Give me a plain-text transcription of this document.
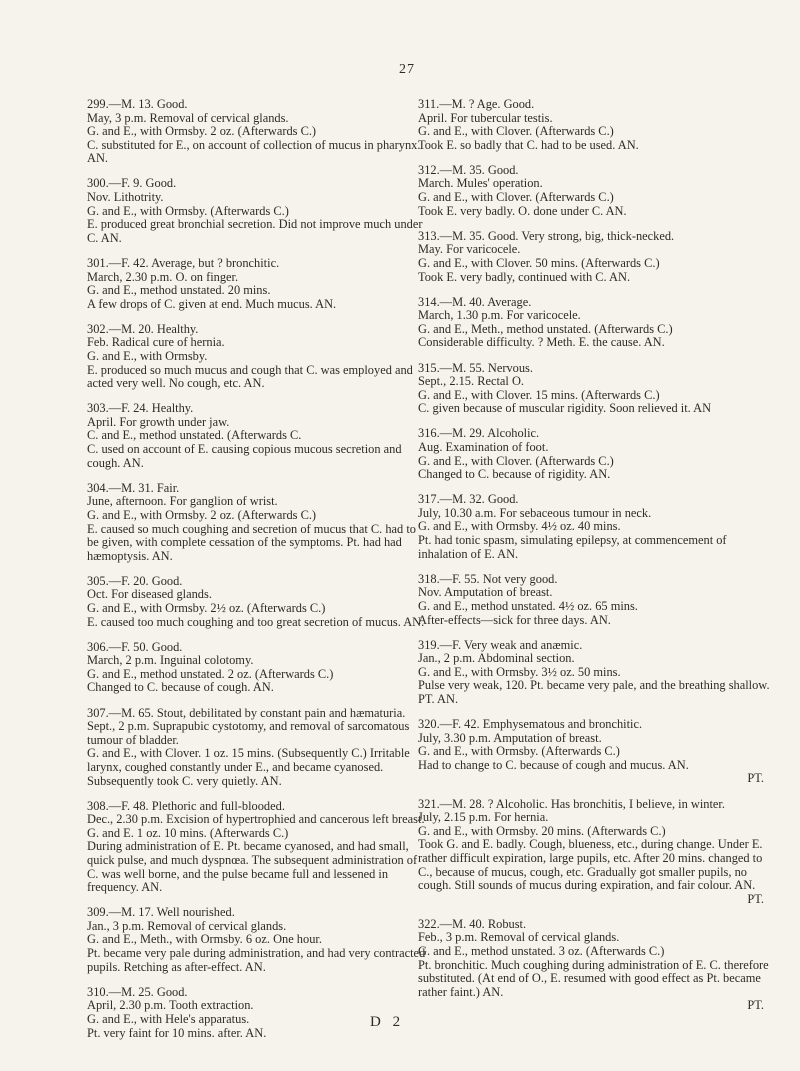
27
299.—M. 13. Good.
May, 3 p.m. Removal of cervical glands.
G. and E., with Ormsby. 2 oz. (Afterwards C.)
C. substituted for E., on account of collection of mucus in pharynx. AN.
300.—F. 9. Good.
Nov. Lithotrity.
G. and E., with Ormsby. (Afterwards C.)
E. produced great bronchial secretion. Did not improve much under C. AN.
301.—F. 42. Average, but ? bronchitic.
March, 2.30 p.m. O. on finger.
G. and E., method unstated. 20 mins.
A few drops of C. given at end. Much mucus. AN.
302.—M. 20. Healthy.
Feb. Radical cure of hernia.
G. and E., with Ormsby.
E. produced so much mucus and cough that C. was employed and acted very well. No cough, etc. AN.
303.—F. 24. Healthy.
April. For growth under jaw.
C. and E., method unstated. (Afterwards C.
C. used on account of E. causing copious mucous secretion and cough. AN.
304.—M. 31. Fair.
June, afternoon. For ganglion of wrist.
G. and E., with Ormsby. 2 oz. (Afterwards C.)
E. caused so much coughing and secretion of mucus that C. had to be given, with complete cessation of the symptoms. Pt. had had hæmoptysis. AN.
305.—F. 20. Good.
Oct. For diseased glands.
G. and E., with Ormsby. 2½ oz. (Afterwards C.)
E. caused too much coughing and too great secretion of mucus. AN.
306.—F. 50. Good.
March, 2 p.m. Inguinal colotomy.
G. and E., method unstated. 2 oz. (Afterwards C.)
Changed to C. because of cough. AN.
307.—M. 65. Stout, debilitated by constant pain and hæmaturia.
Sept., 2 p.m. Suprapubic cystotomy, and removal of sarcomatous tumour of bladder.
G. and E., with Clover. 1 oz. 15 mins. (Subsequently C.) Irritable larynx, coughed constantly under E., and became cyanosed. Subsequently took C. very quietly. AN.
308.—F. 48. Plethoric and full-blooded.
Dec., 2.30 p.m. Excision of hypertrophied and cancerous left breast.
G. and E. 1 oz. 10 mins. (Afterwards C.)
During administration of E. Pt. became cyanosed, and had small, quick pulse, and much dyspnœa. The subsequent administration of C. was well borne, and the pulse became full and lessened in frequency. AN.
309.—M. 17. Well nourished.
Jan., 3 p.m. Removal of cervical glands.
G. and E., Meth., with Ormsby. 6 oz. One hour.
Pt. became very pale during administration, and had very contracted pupils. Retching as after-effect. AN.
310.—M. 25. Good.
April, 2.30 p.m. Tooth extraction.
G. and E., with Hele's apparatus.
Pt. very faint for 10 mins. after. AN.
311.—M. ? Age. Good.
April. For tubercular testis.
G. and E., with Clover. (Afterwards C.)
Took E. so badly that C. had to be used. AN.
312.—M. 35. Good.
March. Mules' operation.
G. and E., with Clover. (Afterwards C.)
Took E. very badly. O. done under C. AN.
313.—M. 35. Good. Very strong, big, thick-necked.
May. For varicocele.
G. and E., with Clover. 50 mins. (Afterwards C.)
Took E. very badly, continued with C. AN.
314.—M. 40. Average.
March, 1.30 p.m. For varicocele.
G. and E., Meth., method unstated. (Afterwards C.)
Considerable difficulty. ? Meth. E. the cause. AN.
315.—M. 55. Nervous.
Sept., 2.15. Rectal O.
G. and E., with Clover. 15 mins. (Afterwards C.)
C. given because of muscular rigidity. Soon relieved it. AN
316.—M. 29. Alcoholic.
Aug. Examination of foot.
G. and E., with Clover. (Afterwards C.)
Changed to C. because of rigidity. AN.
317.—M. 32. Good.
July, 10.30 a.m. For sebaceous tumour in neck.
G. and E., with Ormsby. 4½ oz. 40 mins.
Pt. had tonic spasm, simulating epilepsy, at commencement of inhalation of E. AN.
318.—F. 55. Not very good.
Nov. Amputation of breast.
G. and E., method unstated. 4½ oz. 65 mins.
After-effects—sick for three days. AN.
319.—F. Very weak and anæmic.
Jan., 2 p.m. Abdominal section.
G. and E., with Ormsby. 3½ oz. 50 mins.
Pulse very weak, 120. Pt. became very pale, and the breathing shallow. PT. AN.
320.—F. 42. Emphysematous and bronchitic.
July, 3.30 p.m. Amputation of breast.
G. and E., with Ormsby. (Afterwards C.)
Had to change to C. because of cough and mucus. AN.
PT.
321.—M. 28. ? Alcoholic. Has bronchitis, I believe, in winter.
July, 2.15 p.m. For hernia.
G. and E., with Ormsby. 20 mins. (Afterwards C.)
Took G. and E. badly. Cough, blueness, etc., during change. Under E. rather difficult expiration, large pupils, etc. After 20 mins. changed to C., because of mucus, cough, etc. Gradually got smaller pupils, no cough. Still sounds of mucus during expiration, and fair colour. AN.
PT.
322.—M. 40. Robust.
Feb., 3 p.m. Removal of cervical glands.
G. and E., method unstated. 3 oz. (Afterwards C.)
Pt. bronchitic. Much coughing during administration of E. C. therefore substituted. (At end of O., E. resumed with good effect as Pt. became rather faint.) AN.
PT.
D 2
